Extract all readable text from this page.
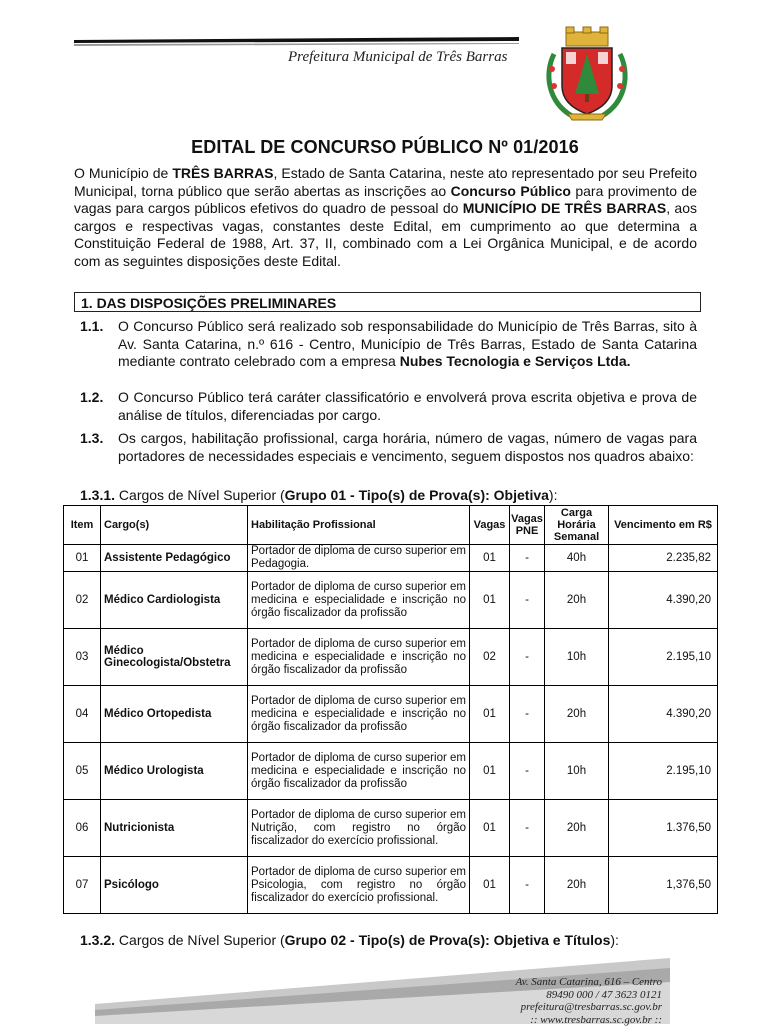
Prefeitura Municipal de Três Barras
EDITAL DE CONCURSO PÚBLICO Nº 01/2016

O Município de TRÊS BARRAS, Estado de Santa Catarina, neste ato representado por seu Prefeito Municipal, torna público que serão abertas as inscrições ao Concurso Público para provimento de vagas para cargos públicos efetivos do quadro de pessoal do MUNICÍPIO DE TRÊS BARRAS, aos cargos e respectivas vagas, constantes deste Edital, em cumprimento ao que determina a Constituição Federal de 1988, Art. 37, II, combinado com a Lei Orgânica Municipal, e de acordo com as seguintes disposições deste Edital.

1. DAS DISPOSIÇÕES PRELIMINARES
1.1. O Concurso Público será realizado sob responsabilidade do Município de Três Barras, sito à Av. Santa Catarina, n.º 616 - Centro, Município de Três Barras, Estado de Santa Catarina mediante contrato celebrado com a empresa Nubes Tecnologia e Serviços Ltda.
1.2. O Concurso Público terá caráter classificatório e envolverá prova escrita objetiva e prova de análise de títulos, diferenciadas por cargo.
1.3. Os cargos, habilitação profissional, carga horária, número de vagas, número de vagas para portadores de necessidades especiais e vencimento, seguem dispostos nos quadros abaixo:
1.3.1. Cargos de Nível Superior (Grupo 01 - Tipo(s) de Prova(s): Objetiva):
Item	Cargo(s)	Habilitação Profissional	Vagas	Vagas PNE	Carga Horária Semanal	Vencimento em R$
01	Assistente Pedagógico	Portador de diploma de curso superior em Pedagogia.	01	-	40h	2.235,82
02	Médico Cardiologista	Portador de diploma de curso superior em medicina e especialidade e inscrição no órgão fiscalizador da profissão	01	-	20h	4.390,20
03	Médico Ginecologista/Obstetra	Portador de diploma de curso superior em medicina e especialidade e inscrição no órgão fiscalizador da profissão	02	-	10h	2.195,10
04	Médico Ortopedista	Portador de diploma de curso superior em medicina e especialidade e inscrição no órgão fiscalizador da profissão	01	-	20h	4.390,20
05	Médico Urologista	Portador de diploma de curso superior em medicina e especialidade e inscrição no órgão fiscalizador da profissão	01	-	10h	2.195,10
06	Nutricionista	Portador de diploma de curso superior em Nutrição, com registro no órgão fiscalizador do exercício profissional.	01	-	20h	1.376,50
07	Psicólogo	Portador de diploma de curso superior em Psicologia, com registro no órgão fiscalizador do exercício profissional.	01	-	20h	1,376,50
1.3.2. Cargos de Nível Superior (Grupo 02 - Tipo(s) de Prova(s): Objetiva e Títulos):
Av. Santa Catarina, 616 – Centro
89490 000 / 47 3623 0121
prefeitura@tresbarras.sc.gov.br
:: www.tresbarras.sc.gov.br ::
